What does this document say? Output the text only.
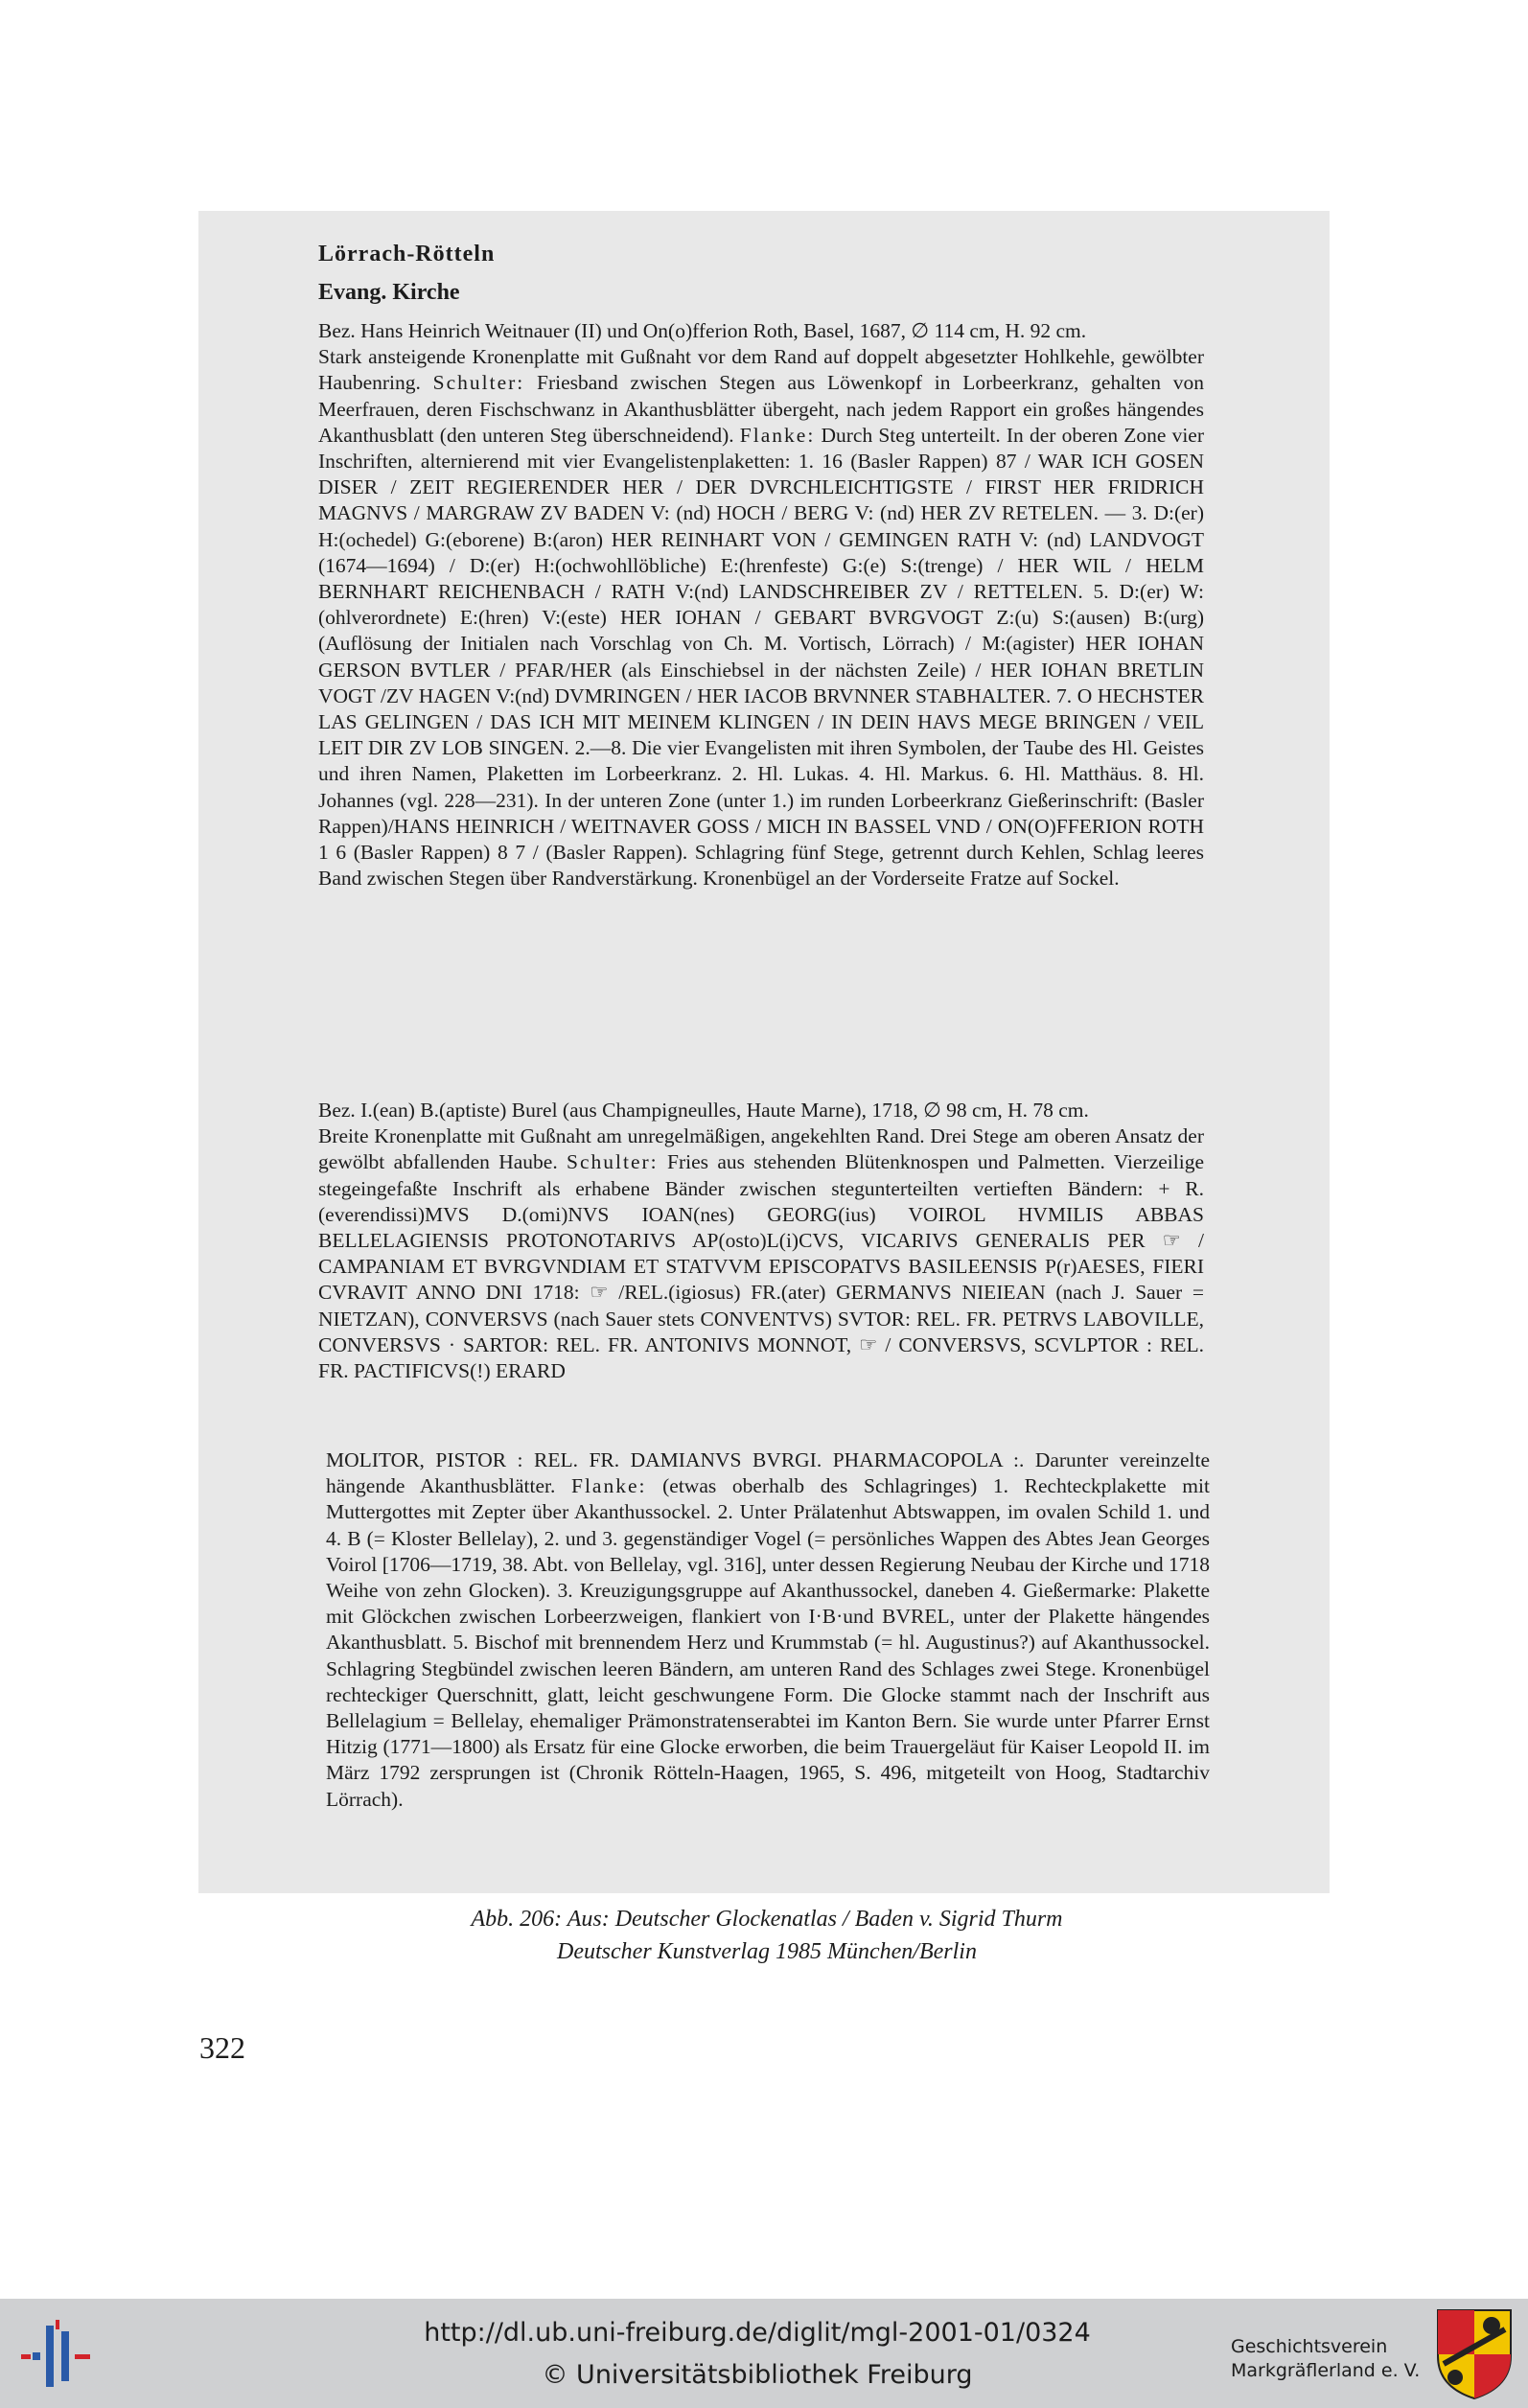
Lörrach-Rötteln
Evang. Kirche

Bez. Hans Heinrich Weitnauer (II) und On(o)fferion Roth, Basel, 1687, ∅ 114 cm, H. 92 cm.

Stark ansteigende Kronenplatte mit Gußnaht vor dem Rand auf doppelt abgesetzter Hohlkehle, gewölbter Haubenring. Schulter: Friesband zwischen Stegen aus Löwenkopf in Lorbeerkranz, gehalten von Meerfrauen, deren Fischschwanz in Akanthusblätter übergeht, nach jedem Rapport ein großes hängendes Akanthusblatt (den unteren Steg überschneidend). Flanke: Durch Steg unterteilt. In der oberen Zone vier Inschriften, alternierend mit vier Evangelistenplaketten: 1. 16 (Basler Rappen) 87 / WAR ICH GOSEN DISER / ZEIT REGIERENDER HER / DER DVRCHLEICHTIGSTE / FIRST HER FRIDRICH MAGNVS / MARGRAW ZV BADEN V: (nd) HOCH / BERG V: (nd) HER ZV RETELEN. — 3. D:(er) H:(ochedel) G:(eborene) B:(aron) HER REINHART VON / GEMINGEN RATH V: (nd) LANDVOGT (1674—1694) / D:(er) H:(ochwohllöbliche) E:(hrenfeste) G:(e) S:(trenge) / HER WIL / HELM BERNHART REICHENBACH / RATH V:(nd) LANDSCHREIBER ZV / RETTELEN. 5. D:(er) W:(ohlverordnete) E:(hren) V:(este) HER IOHAN / GEBART BVRGVOGT Z:(u) S:(ausen) B:(urg) (Auflösung der Initialen nach Vorschlag von Ch. M. Vortisch, Lörrach) / M:(agister) HER IOHAN GERSON BVTLER / PFAR/HER (als Einschiebsel in der nächsten Zeile) / HER IOHAN BRETLIN VOGT /ZV HAGEN V:(nd) DVMRINGEN / HER IACOB BRVNNER STABHALTER. 7. O HECHSTER LAS GELINGEN / DAS ICH MIT MEINEM KLINGEN / IN DEIN HAVS MEGE BRINGEN / VEIL LEIT DIR ZV LOB SINGEN. 2.—8. Die vier Evangelisten mit ihren Symbolen, der Taube des Hl. Geistes und ihren Namen, Plaketten im Lorbeerkranz. 2. Hl. Lukas. 4. Hl. Markus. 6. Hl. Matthäus. 8. Hl. Johannes (vgl. 228—231). In der unteren Zone (unter 1.) im runden Lorbeerkranz Gießerinschrift: (Basler Rappen)/HANS HEINRICH / WEITNAVER GOSS / MICH IN BASSEL VND / ON(O)FFERION ROTH 1 6 (Basler Rappen) 8 7 / (Basler Rappen). Schlagring fünf Stege, getrennt durch Kehlen, Schlag leeres Band zwischen Stegen über Randverstärkung. Kronenbügel an der Vorderseite Fratze auf Sockel.

Bez. I.(ean) B.(aptiste) Burel (aus Champigneulles, Haute Marne), 1718, ∅ 98 cm, H. 78 cm.

Breite Kronenplatte mit Gußnaht am unregelmäßigen, angekehlten Rand. Drei Stege am oberen Ansatz der gewölbt abfallenden Haube. Schulter: Fries aus stehenden Blütenknospen und Palmetten. Vierzeilige stegeingefaßte Inschrift als erhabene Bänder zwischen stegunterteilten vertieften Bändern: + R.(everendissi)MVS D.(omi)NVS IOAN(nes) GEORG(ius) VOIROL HVMILIS ABBAS BELLELAGIENSIS PROTONOTARIVS AP(osto)L(i)CVS, VICARIVS GENERALIS PER ☞ / CAMPANIAM ET BVRGVNDIAM ET STATVVM EPISCOPATVS BASILEENSIS P(r)AESES, FIERI CVRAVIT ANNO DNI 1718: ☞ /REL.(igiosus) FR.(ater) GERMANVS NIEIEAN (nach J. Sauer = NIETZAN), CONVERSVS (nach Sauer stets CONVENTVS) SVTOR: REL. FR. PETRVS LABOVILLE, CONVERSVS · SARTOR: REL. FR. ANTONIVS MONNOT, ☞ / CONVERSVS, SCVLPTOR : REL. FR. PACTIFICVS(!) ERARD

MOLITOR, PISTOR : REL. FR. DAMIANVS BVRGI. PHARMACOPOLA :. Darunter vereinzelte hängende Akanthusblätter. Flanke: (etwas oberhalb des Schlagringes) 1. Rechteckplakette mit Muttergottes mit Zepter über Akanthussockel. 2. Unter Prälatenhut Abtswappen, im ovalen Schild 1. und 4. B (= Kloster Bellelay), 2. und 3. gegenständiger Vogel (= persönliches Wappen des Abtes Jean Georges Voirol [1706—1719, 38. Abt. von Bellelay, vgl. 316], unter dessen Regierung Neubau der Kirche und 1718 Weihe von zehn Glocken). 3. Kreuzigungsgruppe auf Akanthussockel, daneben 4. Gießermarke: Plakette mit Glöckchen zwischen Lorbeerzweigen, flankiert von I·B·und BVREL, unter der Plakette hängendes Akanthusblatt. 5. Bischof mit brennendem Herz und Krummstab (= hl. Augustinus?) auf Akanthussockel. Schlagring Stegbündel zwischen leeren Bändern, am unteren Rand des Schlages zwei Stege. Kronenbügel rechteckiger Querschnitt, glatt, leicht geschwungene Form. Die Glocke stammt nach der Inschrift aus Bellelagium = Bellelay, ehemaliger Prämonstratenserabtei im Kanton Bern. Sie wurde unter Pfarrer Ernst Hitzig (1771—1800) als Ersatz für eine Glocke erworben, die beim Trauergeläut für Kaiser Leopold II. im März 1792 zersprungen ist (Chronik Rötteln-Haagen, 1965, S. 496, mitgeteilt von Hoog, Stadtarchiv Lörrach).

Abb. 206: Aus: Deutscher Glockenatlas / Baden v. Sigrid Thurm
Deutscher Kunstverlag 1985 München/Berlin
322
http://dl.ub.uni-freiburg.de/diglit/mgl-2001-01/0324
© Universitätsbibliothek Freiburg
Geschichtsverein
Markgräflerland e. V.
